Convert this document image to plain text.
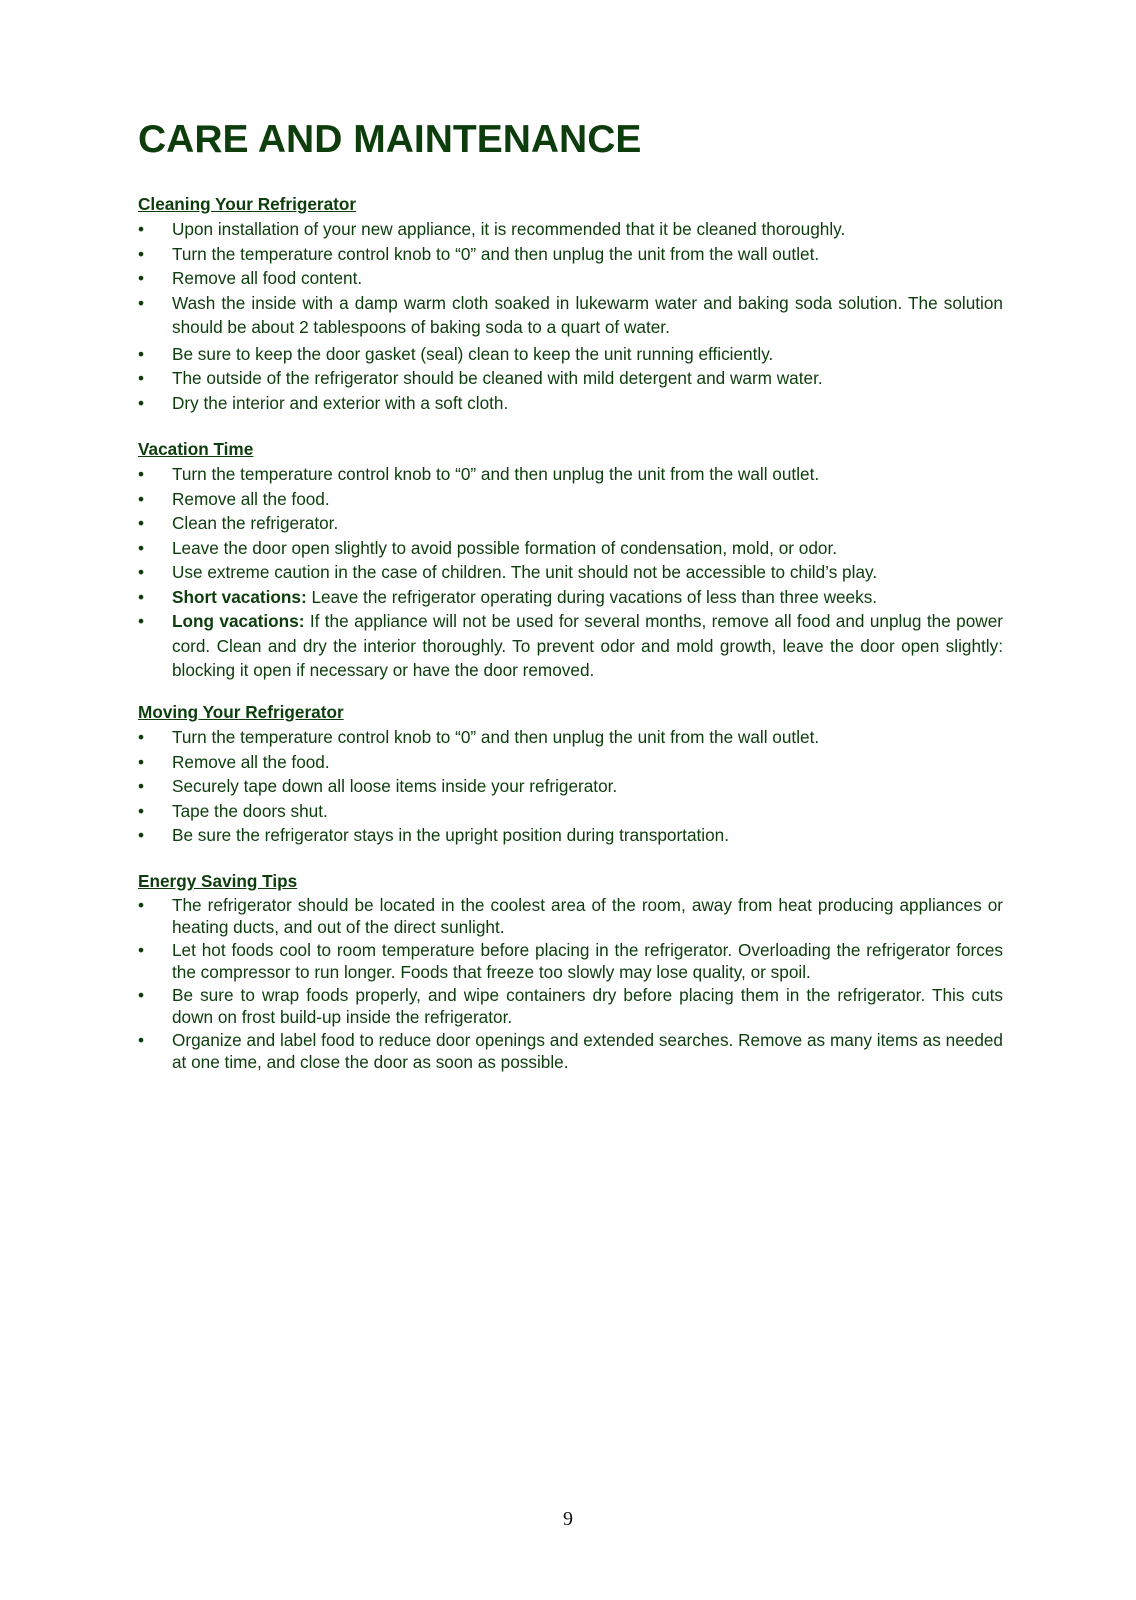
CARE AND MAINTENANCE
Cleaning Your Refrigerator
• Upon installation of your new appliance, it is recommended that it be cleaned thoroughly.
• Turn the temperature control knob to “0” and then unplug the unit from the wall outlet.
• Remove all food content.
• Wash the inside with a damp warm cloth soaked in lukewarm water and baking soda solution. The solution should be about 2 tablespoons of baking soda to a quart of water.
• Be sure to keep the door gasket (seal) clean to keep the unit running efficiently.
• The outside of the refrigerator should be cleaned with mild detergent and warm water.
• Dry the interior and exterior with a soft cloth.
Vacation Time
• Turn the temperature control knob to “0” and then unplug the unit from the wall outlet.
• Remove all the food.
• Clean the refrigerator.
• Leave the door open slightly to avoid possible formation of condensation, mold, or odor.
• Use extreme caution in the case of children. The unit should not be accessible to child’s play.
• Short vacations: Leave the refrigerator operating during vacations of less than three weeks.
• Long vacations: If the appliance will not be used for several months, remove all food and unplug the power cord. Clean and dry the interior thoroughly. To prevent odor and mold growth, leave the door open slightly: blocking it open if necessary or have the door removed.
Moving Your Refrigerator
• Turn the temperature control knob to “0” and then unplug the unit from the wall outlet.
• Remove all the food.
• Securely tape down all loose items inside your refrigerator.
• Tape the doors shut.
• Be sure the refrigerator stays in the upright position during transportation.
Energy Saving Tips
• The refrigerator should be located in the coolest area of the room, away from heat producing appliances or heating ducts, and out of the direct sunlight.
• Let hot foods cool to room temperature before placing in the refrigerator. Overloading the refrigerator forces the compressor to run longer. Foods that freeze too slowly may lose quality, or spoil.
• Be sure to wrap foods properly, and wipe containers dry before placing them in the refrigerator. This cuts down on frost build-up inside the refrigerator.
• Organize and label food to reduce door openings and extended searches. Remove as many items as needed at one time, and close the door as soon as possible.
9
